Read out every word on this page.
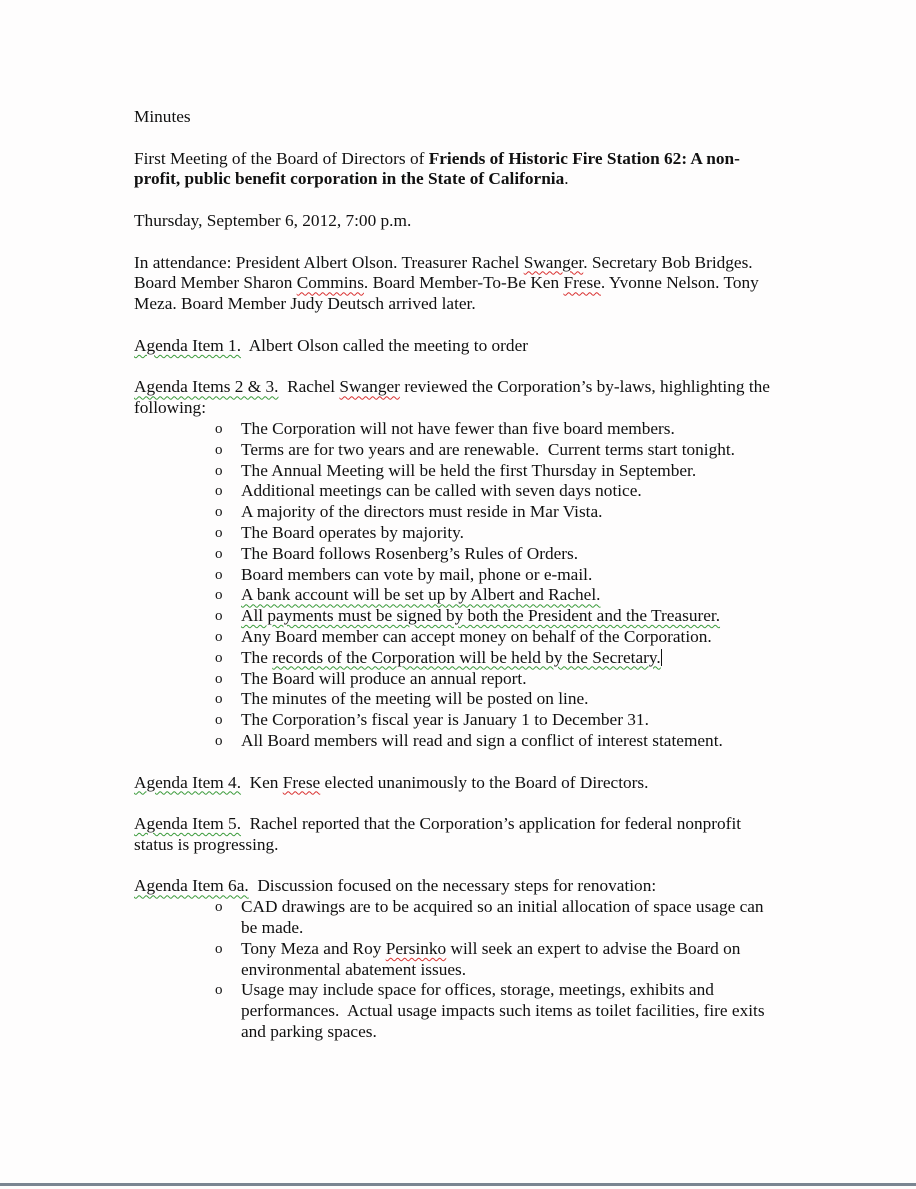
Minutes

First Meeting of the Board of Directors of Friends of Historic Fire Station 62: A non-profit, public benefit corporation in the State of California.

Thursday, September 6, 2012, 7:00 p.m.

In attendance: President Albert Olson. Treasurer Rachel Swanger. Secretary Bob Bridges. Board Member Sharon Commins. Board Member-To-Be Ken Frese. Yvonne Nelson. Tony Meza. Board Member Judy Deutsch arrived later.

Agenda Item 1.  Albert Olson called the meeting to order

Agenda Items 2 & 3.  Rachel Swanger reviewed the Corporation’s by-laws, highlighting the following:

o The Corporation will not have fewer than five board members.
o Terms are for two years and are renewable.  Current terms start tonight.
o The Annual Meeting will be held the first Thursday in September.
o Additional meetings can be called with seven days notice.
o A majority of the directors must reside in Mar Vista.
o The Board operates by majority.
o The Board follows Rosenberg’s Rules of Orders.
o Board members can vote by mail, phone or e-mail.
o A bank account will be set up by Albert and Rachel.
o All payments must be signed by both the President and the Treasurer.
o Any Board member can accept money on behalf of the Corporation.
o The records of the Corporation will be held by the Secretary.
o The Board will produce an annual report.
o The minutes of the meeting will be posted on line.
o The Corporation’s fiscal year is January 1 to December 31.
o All Board members will read and sign a conflict of interest statement.

Agenda Item 4.  Ken Frese elected unanimously to the Board of Directors.

Agenda Item 5.  Rachel reported that the Corporation’s application for federal nonprofit status is progressing.

Agenda Item 6a.  Discussion focused on the necessary steps for renovation:

o CAD drawings are to be acquired so an initial allocation of space usage can be made.
o Tony Meza and Roy Persinko will seek an expert to advise the Board on environmental abatement issues.
o Usage may include space for offices, storage, meetings, exhibits and performances.  Actual usage impacts such items as toilet facilities, fire exits and parking spaces.
